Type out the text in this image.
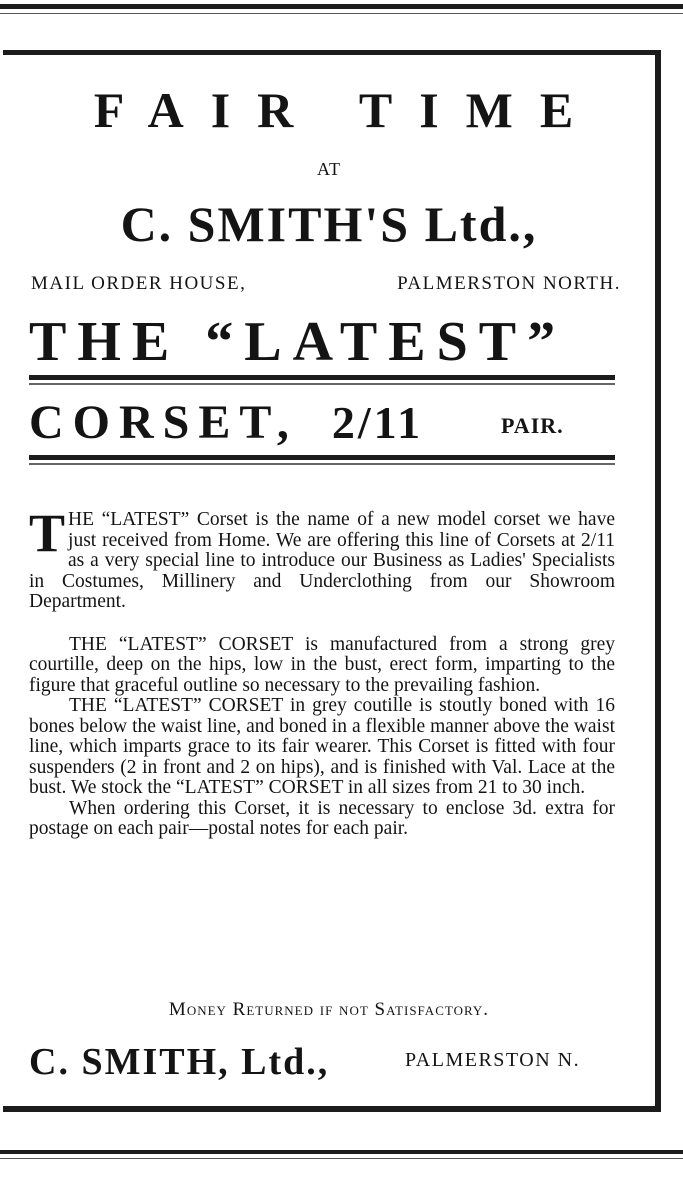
FAIR TIME
AT
C. SMITH'S Ltd.,
MAIL ORDER HOUSE,	PALMERSTON NORTH.
THE “LATEST”
CORSET, 2/11	PAIR.

THE “LATEST” Corset is the name of a new model corset we have just received from Home. We are offering this line of Corsets at 2/11 as a very special line to introduce our Business as Ladies' Specialists in Costumes, Millinery and Underclothing from our Showroom Department.

THE “LATEST” CORSET is manufactured from a strong grey courtille, deep on the hips, low in the bust, erect form, imparting to the figure that graceful outline so necessary to the prevailing fashion.

THE “LATEST” CORSET in grey coutille is stoutly boned with 16 bones below the waist line, and boned in a flexible manner above the waist line, which imparts grace to its fair wearer. This Corset is fitted with four suspenders (2 in front and 2 on hips), and is finished with Val. Lace at the bust. We stock the “LATEST” CORSET in all sizes from 21 to 30 inch.

When ordering this Corset, it is necessary to enclose 3d. extra for postage on each pair—postal notes for each pair.

Money Returned if not Satisfactory.
C. SMITH, Ltd.,	PALMERSTON N.
